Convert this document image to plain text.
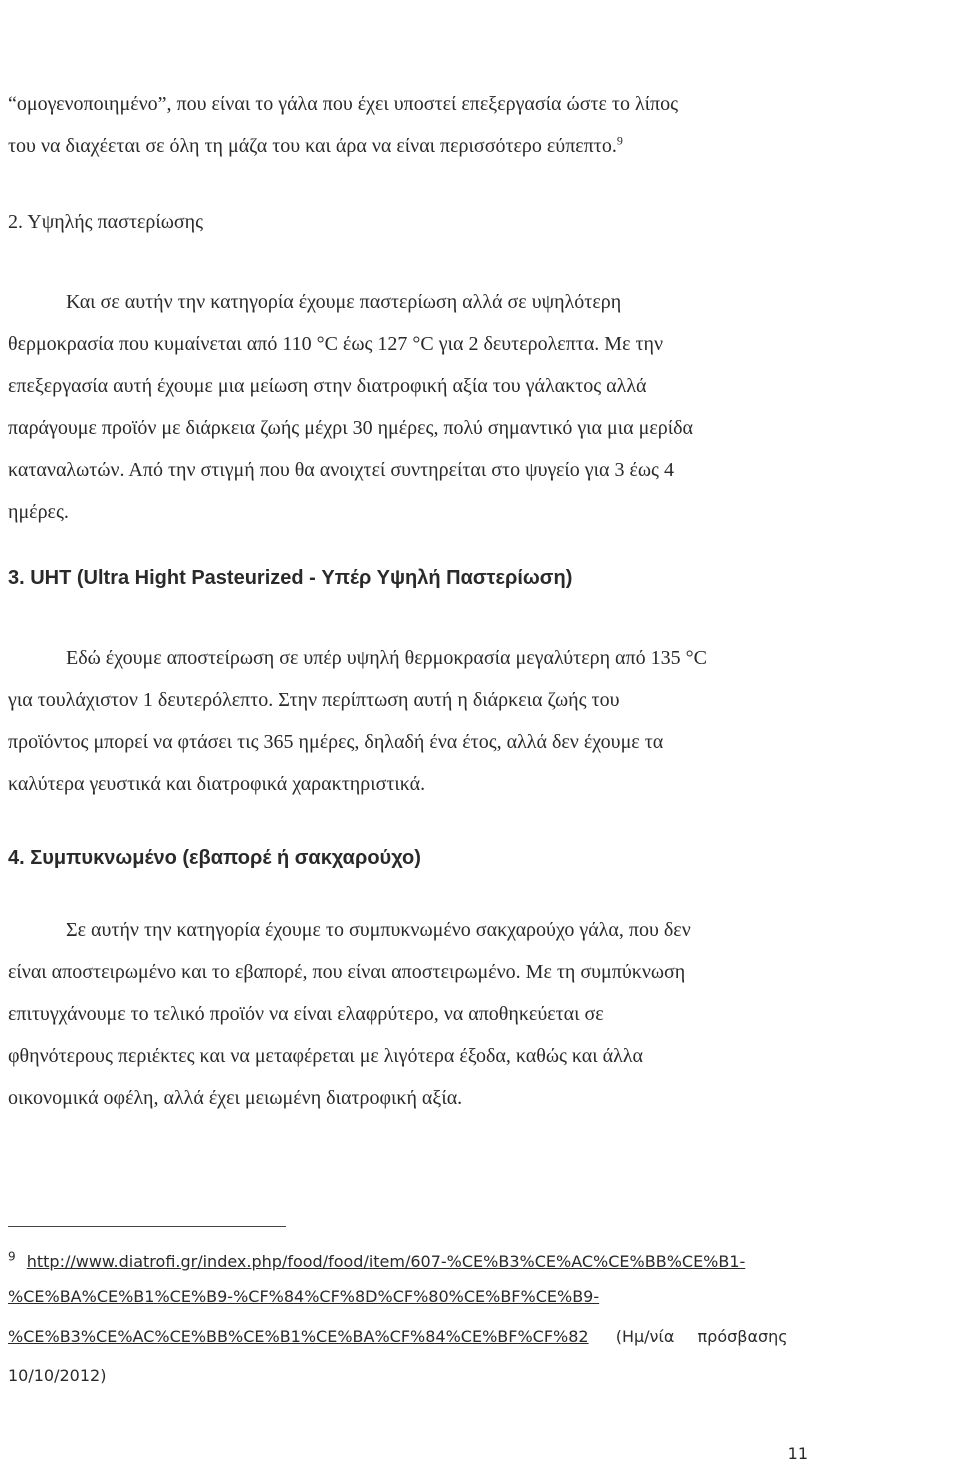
“ομογενοποιημένο”, που είναι το γάλα που έχει υποστεί επεξεργασία ώστε το λίπος
του να διαχέεται σε όλη τη μάζα του και άρα να είναι περισσότερο εύπεπτο.$^9$
2. Υψηλής παστερίωσης
Και σε αυτήν την κατηγορία έχουμε παστερίωση αλλά σε υψηλότερη
θερμοκρασία που κυμαίνεται από 110 °C έως 127 °C για 2 δευτερολεπτα. Με την
επεξεργασία αυτή έχουμε μια μείωση στην διατροφική αξία του γάλακτος αλλά
παράγουμε προϊόν με διάρκεια ζωής μέχρι 30 ημέρες, πολύ σημαντικό για μια μερίδα
καταναλωτών. Από την στιγμή που θα ανοιχτεί συντηρείται στο ψυγείο για 3 έως 4
ημέρες.
3. UHT (Ultra Hight Pasteurized - Υπέρ Υψηλή Παστερίωση)
Εδώ έχουμε αποστείρωση σε υπέρ υψηλή θερμοκρασία μεγαλύτερη από 135 °C
για τουλάχιστον 1 δευτερόλεπτο. Στην περίπτωση αυτή η διάρκεια ζωής του
προϊόντος μπορεί να φτάσει τις 365 ημέρες, δηλαδή ένα έτος, αλλά δεν έχουμε τα
καλύτερα γευστικά και διατροφικά χαρακτηριστικά.
4. Συμπυκνωμένο (εβαπορέ ή σακχαρούχο)
Σε αυτήν την κατηγορία έχουμε το συμπυκνωμένο σακχαρούχο γάλα, που δεν
είναι αποστειρωμένο και το εβαπορέ, που είναι αποστειρωμένο. Με τη συμπύκνωση
επιτυγχάνουμε το τελικό προϊόν να είναι ελαφρύτερο, να αποθηκεύεται σε
φθηνότερους περιέκτες και να μεταφέρεται με λιγότερα έξοδα, καθώς και άλλα
οικονομικά οφέλη, αλλά έχει μειωμένη διατροφική αξία.
$^9$ http://www.diatrofi.gr/index.php/food/food/item/607-%CE%B3%CE%AC%CE%BB%CE%B1-
%CE%BA%CE%B1%CE%B9-%CF%84%CF%8D%CF%80%CE%BF%CE%B9-
%CE%B3%CE%AC%CE%BB%CE%B1%CE%BA%CF%84%CE%BF%CF%82 (Ημ/νία πρόσβασης
10/10/2012)
11
